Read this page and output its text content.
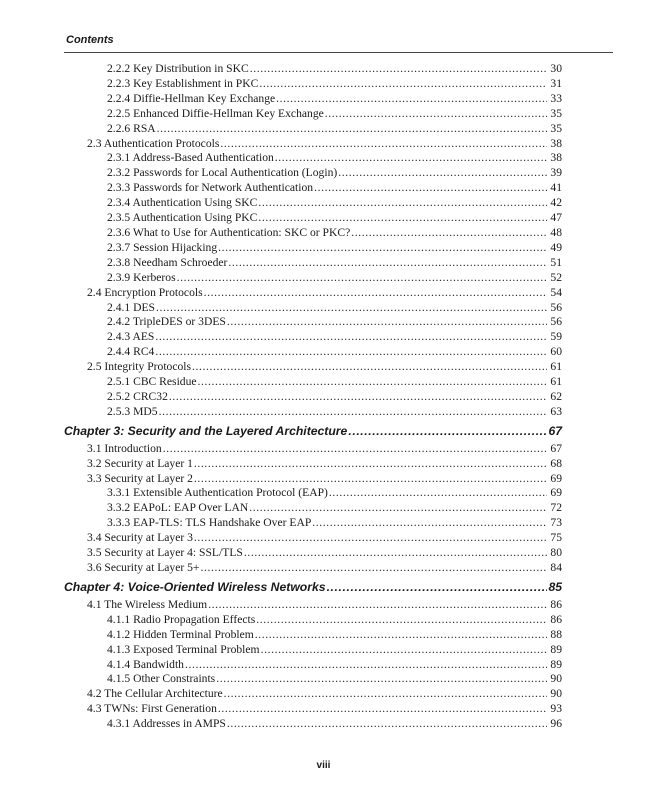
Contents
2.2.2 Key Distribution in SKC .....	30
2.2.3 Key Establishment in PKC .....	31
2.2.4 Diffie-Hellman Key Exchange .....	33
2.2.5 Enhanced Diffie-Hellman Key Exchange .....	35
2.2.6 RSA .....	35
2.3 Authentication Protocols .....	38
2.3.1 Address-Based Authentication .....	38
2.3.2 Passwords for Local Authentication (Login) .....	39
2.3.3 Passwords for Network Authentication .....	41
2.3.4 Authentication Using SKC .....	42
2.3.5 Authentication Using PKC .....	47
2.3.6 What to Use for Authentication: SKC or PKC? .....	48
2.3.7 Session Hijacking .....	49
2.3.8 Needham Schroeder .....	51
2.3.9 Kerberos .....	52
2.4 Encryption Protocols .....	54
2.4.1 DES .....	56
2.4.2 TripleDES or 3DES .....	56
2.4.3 AES .....	59
2.4.4 RC4 .....	60
2.5 Integrity Protocols .....	61
2.5.1 CBC Residue .....	61
2.5.2 CRC32 .....	62
2.5.3 MD5 .....	63
Chapter 3: Security and the Layered Architecture .....	67
3.1 Introduction .....	67
3.2 Security at Layer 1 .....	68
3.3 Security at Layer 2 .....	69
3.3.1 Extensible Authentication Protocol (EAP) .....	69
3.3.2 EAPoL: EAP Over LAN .....	72
3.3.3 EAP-TLS: TLS Handshake Over EAP .....	73
3.4 Security at Layer 3 .....	75
3.5 Security at Layer 4: SSL/TLS .....	80
3.6 Security at Layer 5+ .....	84
Chapter 4: Voice-Oriented Wireless Networks .....	85
4.1 The Wireless Medium .....	86
4.1.1 Radio Propagation Effects .....	86
4.1.2 Hidden Terminal Problem .....	88
4.1.3 Exposed Terminal Problem .....	89
4.1.4 Bandwidth .....	89
4.1.5 Other Constraints .....	90
4.2 The Cellular Architecture .....	90
4.3 TWNs: First Generation .....	93
4.3.1 Addresses in AMPS .....	96
viii
